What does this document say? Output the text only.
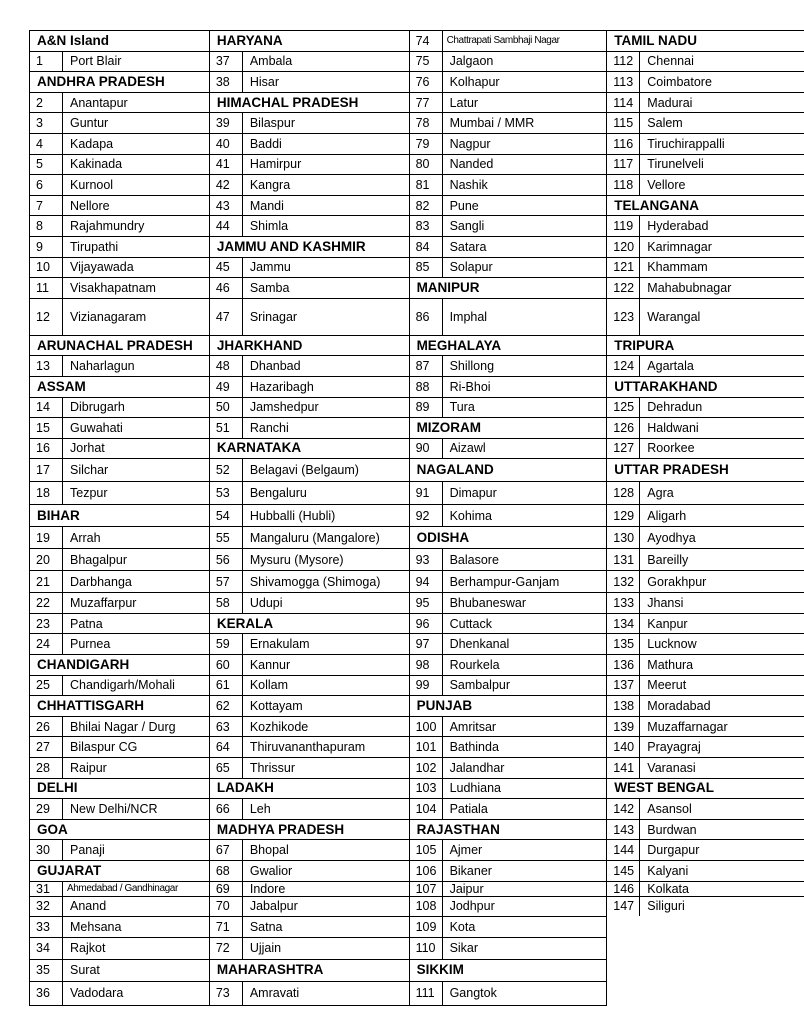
A&N Island
1	Port Blair
ANDHRA PRADESH
2	Anantapur
3	Guntur
4	Kadapa
5	Kakinada
6	Kurnool
7	Nellore
8	Rajahmundry
9	Tirupathi
10	Vijayawada
11	Visakhapatnam
12	Vizianagaram
ARUNACHAL PRADESH
13	Naharlagun
ASSAM
14	Dibrugarh
15	Guwahati
16	Jorhat
17	Silchar
18	Tezpur
BIHAR
19	Arrah
20	Bhagalpur
21	Darbhanga
22	Muzaffarpur
23	Patna
24	Purnea
CHANDIGARH
25	Chandigarh/Mohali
CHHATTISGARH
26	Bhilai Nagar / Durg
27	Bilaspur CG
28	Raipur
DELHI
29	New Delhi/NCR
GOA
30	Panaji
GUJARAT
31	Ahmedabad / Gandhinagar
32	Anand
33	Mehsana
34	Rajkot
35	Surat
36	Vadodara
HARYANA
37	Ambala
38	Hisar
HIMACHAL PRADESH
39	Bilaspur
40	Baddi
41	Hamirpur
42	Kangra
43	Mandi
44	Shimla
JAMMU AND KASHMIR
45	Jammu
46	Samba
47	Srinagar
JHARKHAND
48	Dhanbad
49	Hazaribagh
50	Jamshedpur
51	Ranchi
KARNATAKA
52	Belagavi (Belgaum)
53	Bengaluru
54	Hubballi (Hubli)
55	Mangaluru (Mangalore)
56	Mysuru (Mysore)
57	Shivamogga (Shimoga)
58	Udupi
KERALA
59	Ernakulam
60	Kannur
61	Kollam
62	Kottayam
63	Kozhikode
64	Thiruvananthapuram
65	Thrissur
LADAKH
66	Leh
MADHYA PRADESH
67	Bhopal
68	Gwalior
69	Indore
70	Jabalpur
71	Satna
72	Ujjain
MAHARASHTRA
73	Amravati
74	Chattrapati Sambhaji Nagar
75	Jalgaon
76	Kolhapur
77	Latur
78	Mumbai / MMR
79	Nagpur
80	Nanded
81	Nashik
82	Pune
83	Sangli
84	Satara
85	Solapur
MANIPUR
86	Imphal
MEGHALAYA
87	Shillong
88	Ri-Bhoi
89	Tura
MIZORAM
90	Aizawl
NAGALAND
91	Dimapur
92	Kohima
ODISHA
93	Balasore
94	Berhampur-Ganjam
95	Bhubaneswar
96	Cuttack
97	Dhenkanal
98	Rourkela
99	Sambalpur
PUNJAB
100	Amritsar
101	Bathinda
102	Jalandhar
103	Ludhiana
104	Patiala
RAJASTHAN
105	Ajmer
106	Bikaner
107	Jaipur
108	Jodhpur
109	Kota
110	Sikar
SIKKIM
111	Gangtok
TAMIL NADU
112	Chennai
113	Coimbatore
114	Madurai
115	Salem
116	Tiruchirappalli
117	Tirunelveli
118	Vellore
TELANGANA
119	Hyderabad
120	Karimnagar
121	Khammam
122	Mahabubnagar
123	Warangal
TRIPURA
124	Agartala
UTTARAKHAND
125	Dehradun
126	Haldwani
127	Roorkee
UTTAR PRADESH
128	Agra
129	Aligarh
130	Ayodhya
131	Bareilly
132	Gorakhpur
133	Jhansi
134	Kanpur
135	Lucknow
136	Mathura
137	Meerut
138	Moradabad
139	Muzaffarnagar
140	Prayagraj
141	Varanasi
WEST BENGAL
142	Asansol
143	Burdwan
144	Durgapur
145	Kalyani
146	Kolkata
147	Siliguri
